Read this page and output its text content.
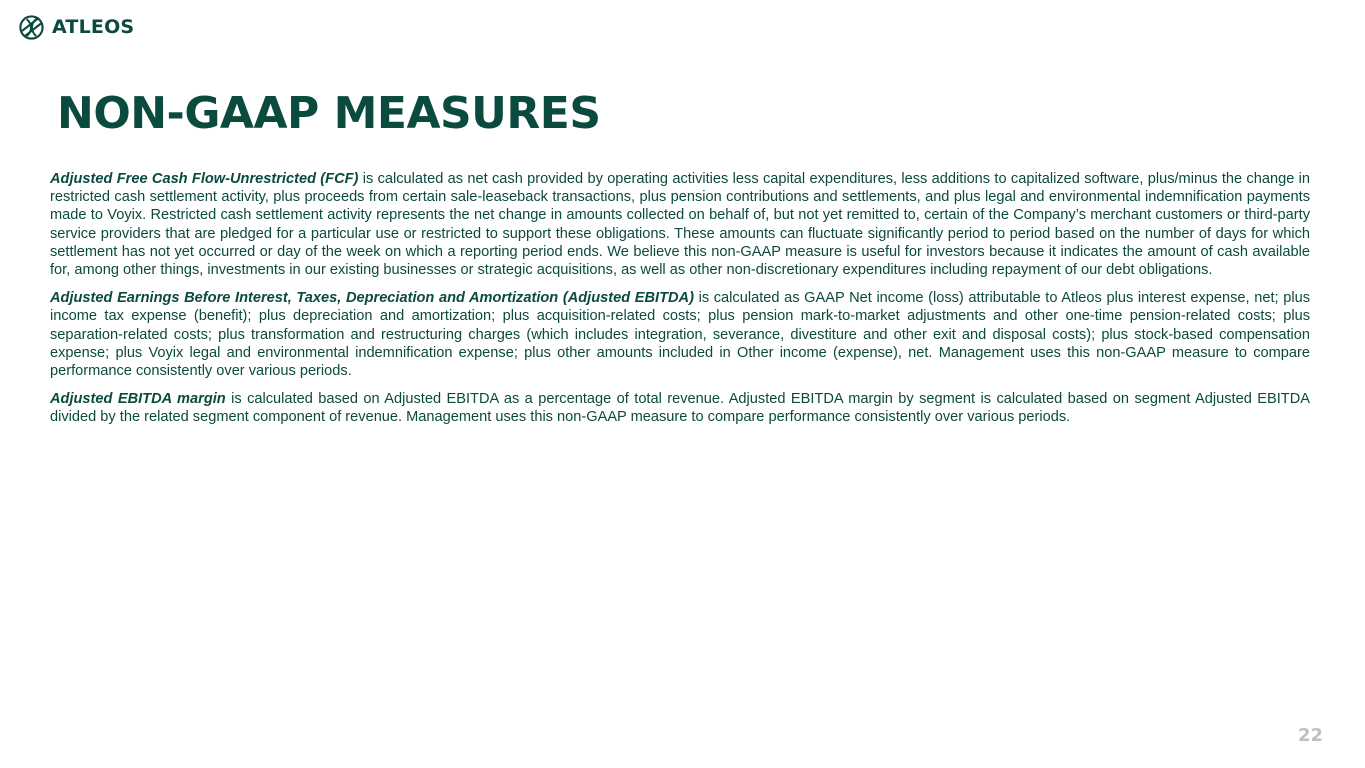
ATLEOS
NON-GAAP MEASURES

Adjusted Free Cash Flow-Unrestricted (FCF) is calculated as net cash provided by operating activities less capital expenditures, less additions to capitalized software, plus/minus the change in restricted cash settlement activity, plus proceeds from certain sale-leaseback transactions, plus pension contributions and settlements, and plus legal and environmental indemnification payments made to Voyix. Restricted cash settlement activity represents the net change in amounts collected on behalf of, but not yet remitted to, certain of the Company’s merchant customers or third-party service providers that are pledged for a particular use or restricted to support these obligations. These amounts can fluctuate significantly period to period based on the number of days for which settlement has not yet occurred or day of the week on which a reporting period ends. We believe this non-GAAP measure is useful for investors because it indicates the amount of cash available for, among other things, investments in our existing businesses or strategic acquisitions, as well as other non-discretionary expenditures including repayment of our debt obligations.

Adjusted Earnings Before Interest, Taxes, Depreciation and Amortization (Adjusted EBITDA) is calculated as GAAP Net income (loss) attributable to Atleos plus interest expense, net; plus income tax expense (benefit); plus depreciation and amortization; plus acquisition-related costs; plus pension mark-to-market adjustments and other one-time pension-related costs; plus separation-related costs; plus transformation and restructuring charges (which includes integration, severance, divestiture and other exit and disposal costs); plus stock-based compensation expense; plus Voyix legal and environmental indemnification expense; plus other amounts included in Other income (expense), net. Management uses this non-GAAP measure to compare performance consistently over various periods.

Adjusted EBITDA margin is calculated based on Adjusted EBITDA as a percentage of total revenue. Adjusted EBITDA margin by segment is calculated based on segment Adjusted EBITDA divided by the related segment component of revenue. Management uses this non-GAAP measure to compare performance consistently over various periods.

22
